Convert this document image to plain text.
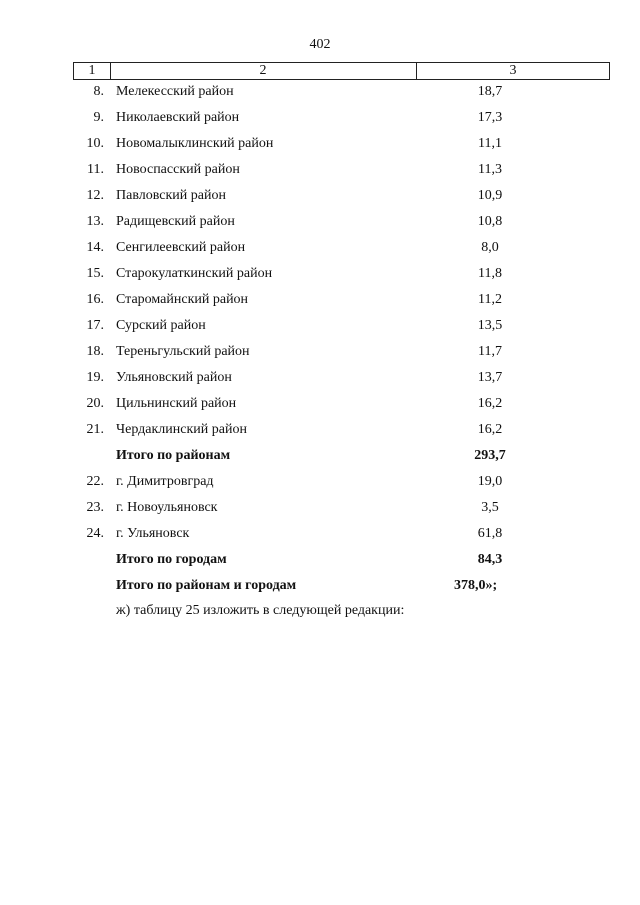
402
1	2	3
8. Мелекесский район	18,7
9. Николаевский район	17,3
10. Новомалыклинский район	11,1
11. Новоспасский район	11,3
12. Павловский район	10,9
13. Радищевский район	10,8
14. Сенгилеевский район	8,0
15. Старокулаткинский район	11,8
16. Старомайнский район	11,2
17. Сурский район	13,5
18. Тереньгульский район	11,7
19. Ульяновский район	13,7
20. Цильнинский район	16,2
21. Чердаклинский район	16,2
Итого по районам	293,7
22. г. Димитровград	19,0
23. г. Новоульяновск	3,5
24. г. Ульяновск	61,8
Итого по городам	84,3
Итого по районам и городам	378,0»;
ж) таблицу 25 изложить в следующей редакции:
